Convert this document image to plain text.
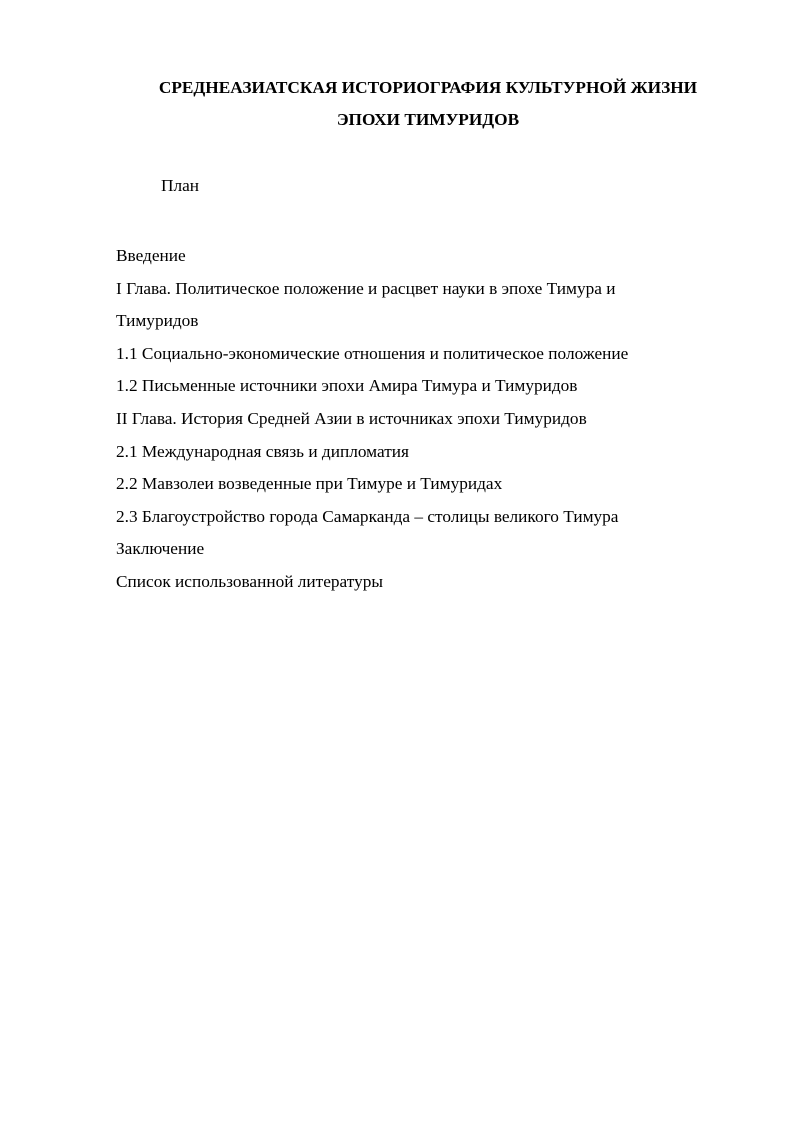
СРЕДНЕАЗИАТСКАЯ ИСТОРИОГРАФИЯ КУЛЬТУРНОЙ ЖИЗНИ
ЭПОХИ ТИМУРИДОВ

План

Введение
I Глава. Политическое положение и расцвет науки в эпохе Тимура и
Тимуридов
1.1 Социально-экономические отношения и политическое положение
1.2 Письменные источники эпохи Амира Тимура и Тимуридов
II Глава. История Средней Азии в источниках эпохи Тимуридов
2.1 Международная связь и дипломатия
2.2 Мавзолеи возведенные при Тимуре и Тимуридах
2.3 Благоустройство города Самарканда – столицы великого Тимура
Заключение
Список использованной литературы
